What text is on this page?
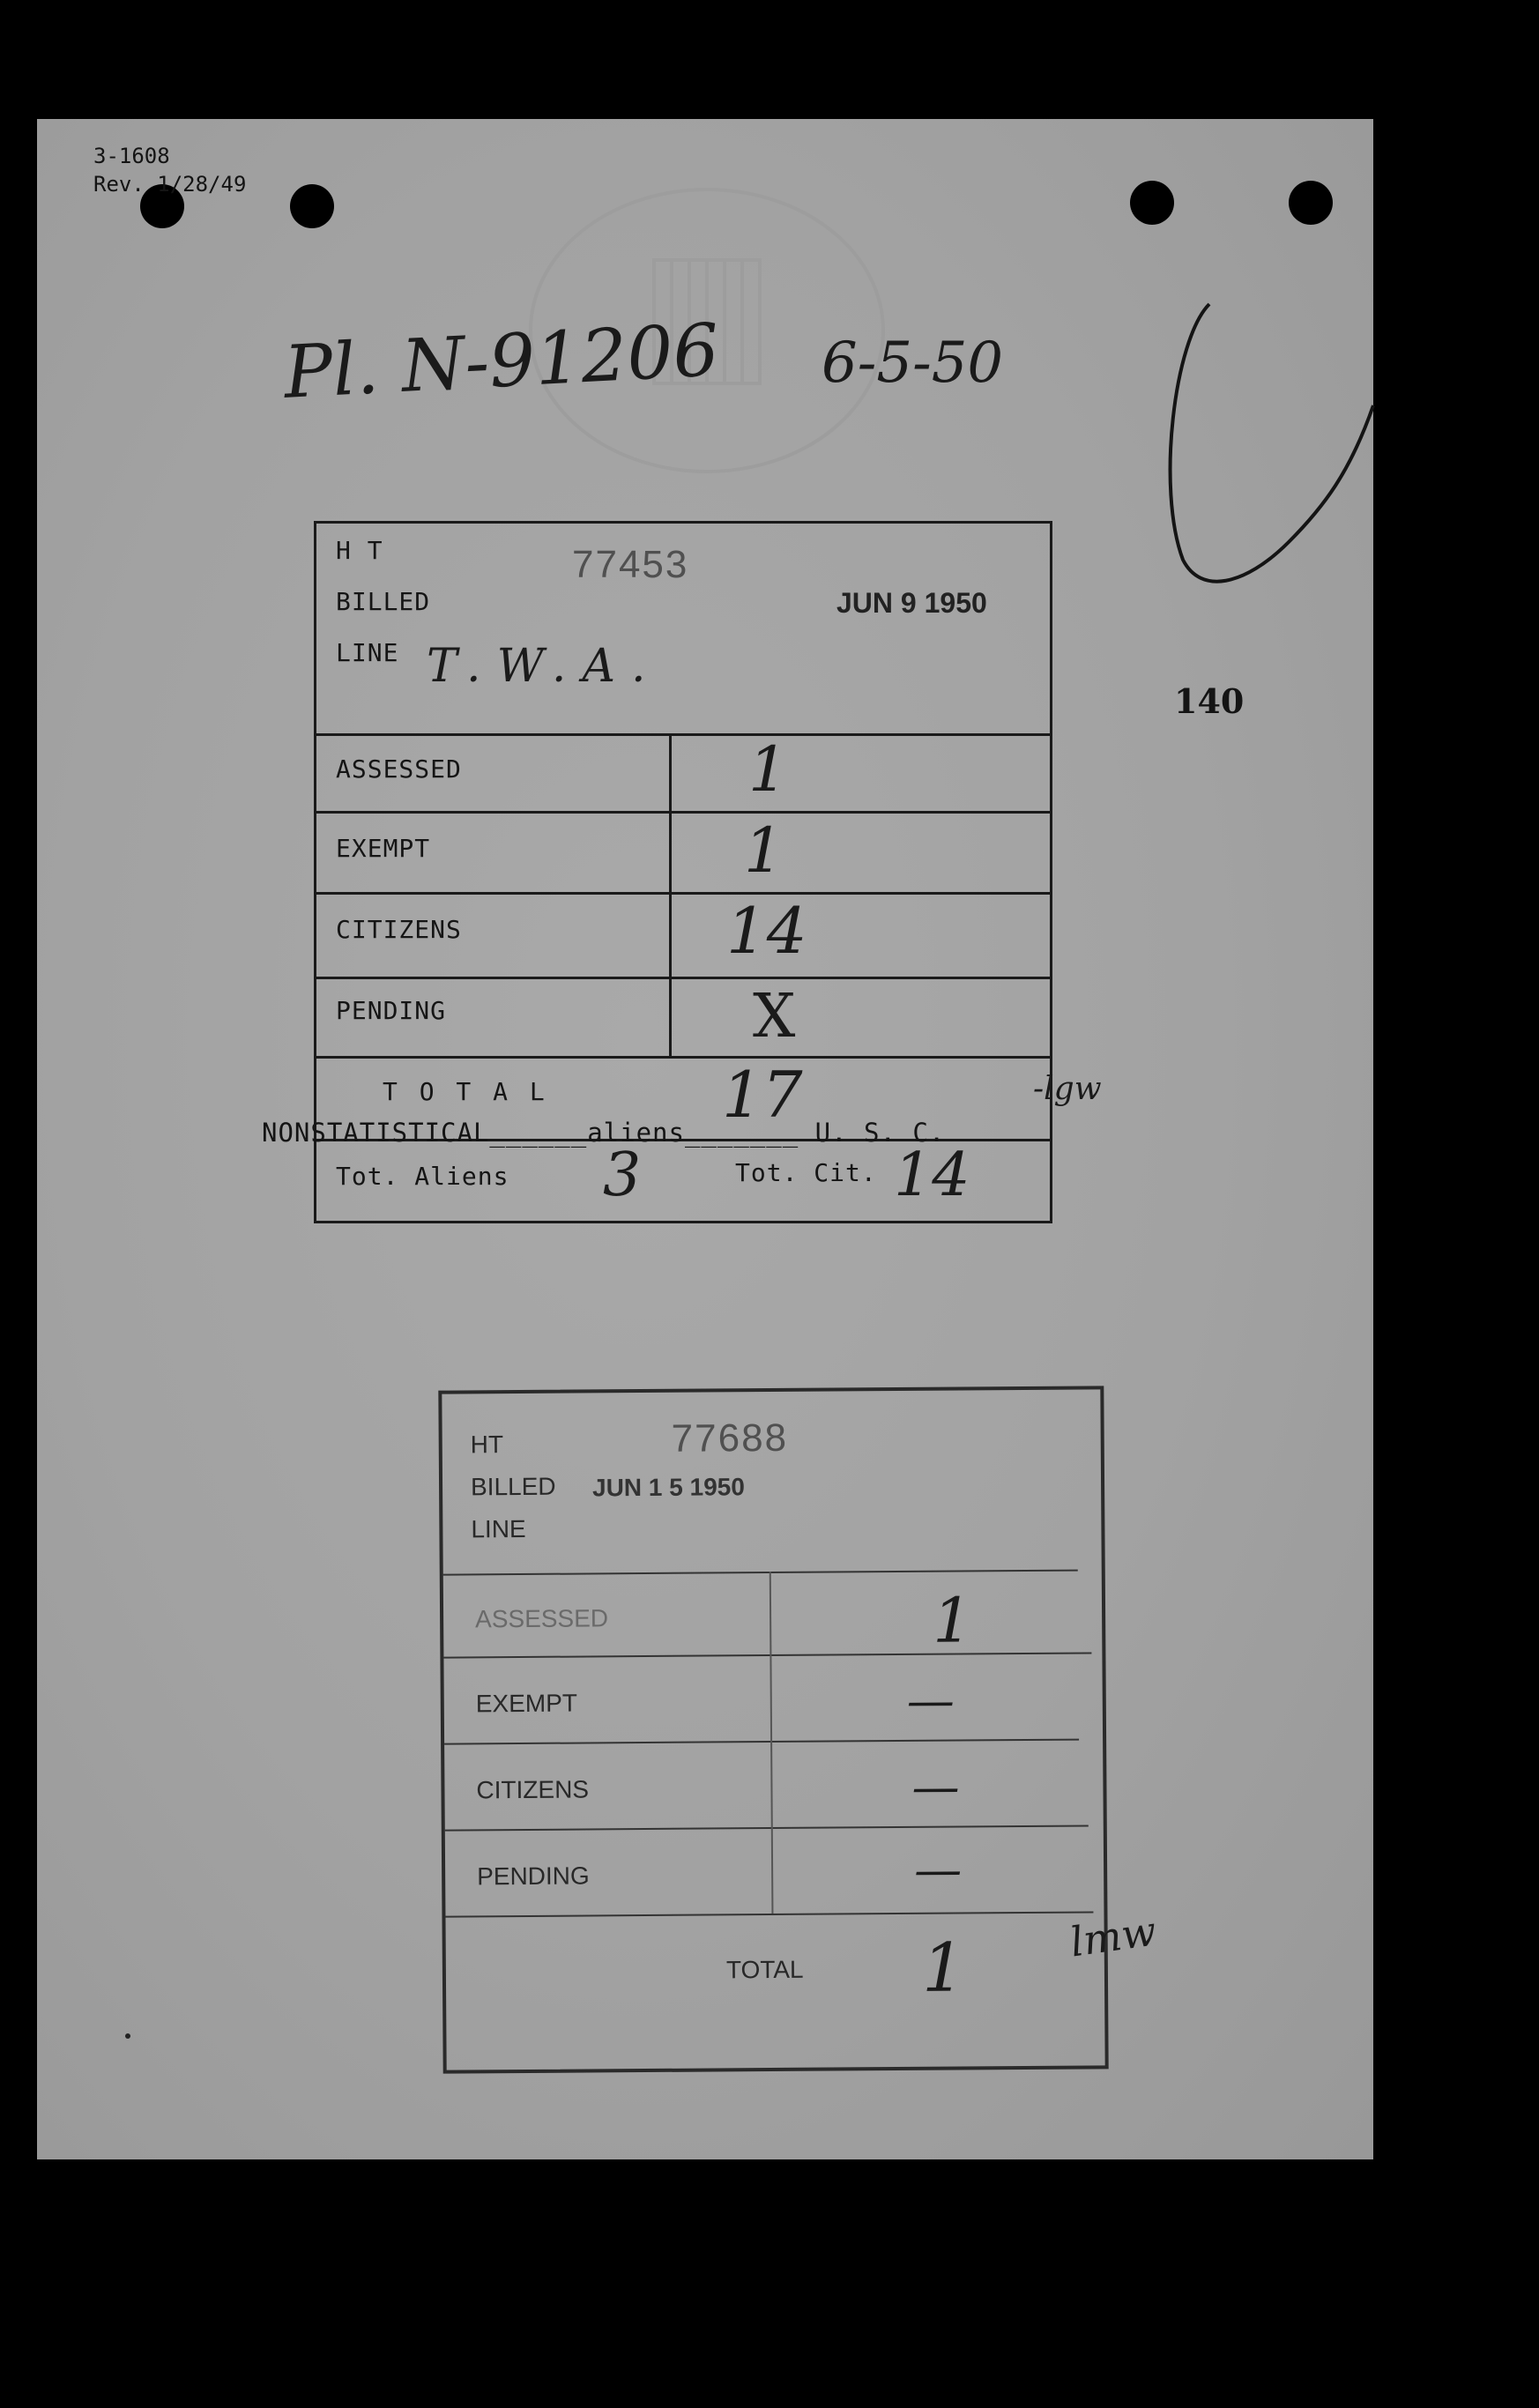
3-1608
Rev. 1/28/49
Pl. N-91206 6-5-50
140
H T	77453
BILLED	JUN 9 1950
LINE T.W.A.
ASSESSED	1
EXEMPT	1
CITIZENS	14
PENDING	X
T O T A L	17
Tot. Aliens 3	Tot. Cit. 14
-lgw
NONSTATISTICAL______aliens_______ U. S. C.
HT	77688
BILLED JUN 1 5 1950
LINE
ASSESSED	1
EXEMPT	—
CITIZENS	—
PENDING	—
TOTAL 1	lmw
